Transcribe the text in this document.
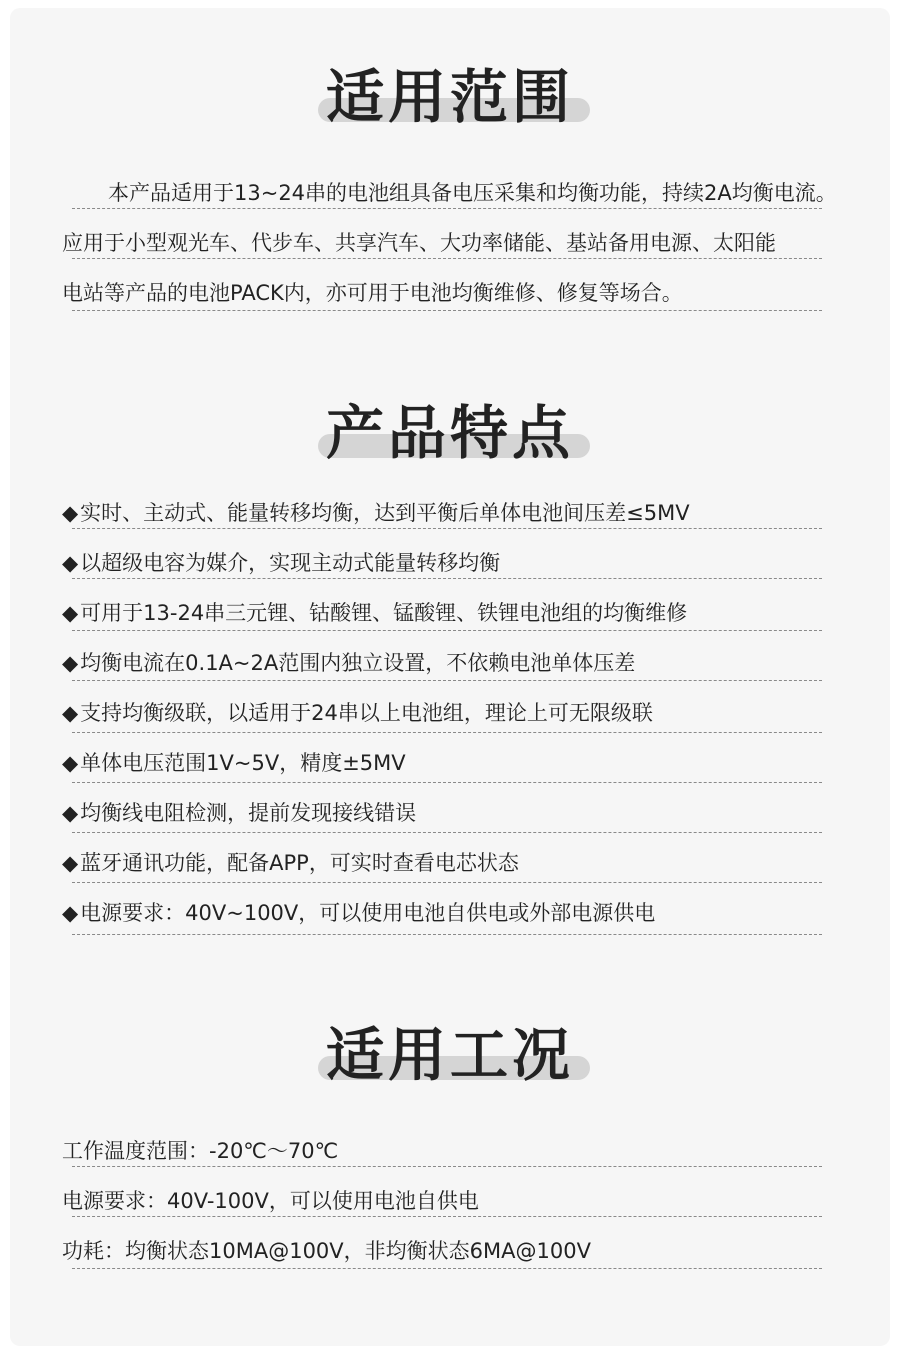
适用范围
本产品适用于13~24串的电池组具备电压采集和均衡功能，持续2A均衡电流。
应用于小型观光车、代步车、共享汽车、大功率储能、基站备用电源、太阳能
电站等产品的电池PACK内，亦可用于电池均衡维修、修复等场合。
产品特点
◆实时、主动式、能量转移均衡，达到平衡后单体电池间压差≤5MV
◆以超级电容为媒介，实现主动式能量转移均衡
◆可用于13-24串三元锂、钴酸锂、锰酸锂、铁锂电池组的均衡维修
◆均衡电流在0.1A~2A范围内独立设置，不依赖电池单体压差
◆支持均衡级联，以适用于24串以上电池组，理论上可无限级联
◆单体电压范围1V~5V，精度±5MV
◆均衡线电阻检测，提前发现接线错误
◆蓝牙通讯功能，配备APP，可实时查看电芯状态
◆电源要求：40V~100V，可以使用电池自供电或外部电源供电
适用工况
工作温度范围：-20℃～70℃
电源要求：40V-100V，可以使用电池自供电
功耗：均衡状态10MA@100V，非均衡状态6MA@100V
